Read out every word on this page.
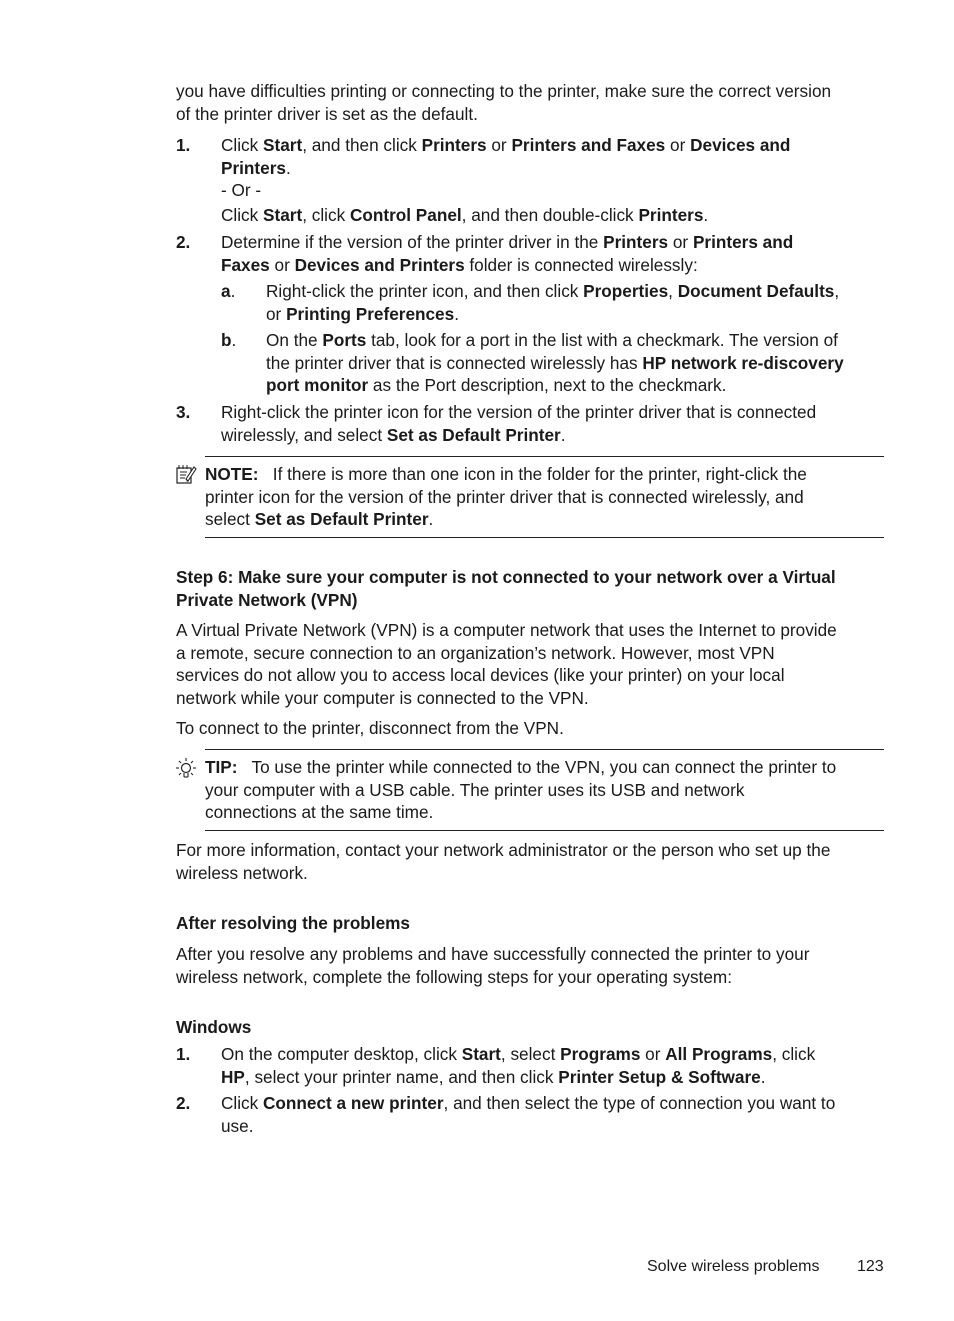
you have difficulties printing or connecting to the printer, make sure the correct version
of the printer driver is set as the default.

1. Click Start, and then click Printers or Printers and Faxes or Devices and
Printers.
- Or -
Click Start, click Control Panel, and then double-click Printers.

2. Determine if the version of the printer driver in the Printers or Printers and
Faxes or Devices and Printers folder is connected wirelessly:

a. Right-click the printer icon, and then click Properties, Document Defaults,
or Printing Preferences.

b. On the Ports tab, look for a port in the list with a checkmark. The version of
the printer driver that is connected wirelessly has HP network re-discovery
port monitor as the Port description, next to the checkmark.

3. Right-click the printer icon for the version of the printer driver that is connected
wirelessly, and select Set as Default Printer.

NOTE: If there is more than one icon in the folder for the printer, right-click the
printer icon for the version of the printer driver that is connected wirelessly, and
select Set as Default Printer.

Step 6: Make sure your computer is not connected to your network over a Virtual
Private Network (VPN)

A Virtual Private Network (VPN) is a computer network that uses the Internet to provide
a remote, secure connection to an organization’s network. However, most VPN
services do not allow you to access local devices (like your printer) on your local
network while your computer is connected to the VPN.

To connect to the printer, disconnect from the VPN.

TIP: To use the printer while connected to the VPN, you can connect the printer to
your computer with a USB cable. The printer uses its USB and network
connections at the same time.

For more information, contact your network administrator or the person who set up the
wireless network.

After resolving the problems

After you resolve any problems and have successfully connected the printer to your
wireless network, complete the following steps for your operating system:

Windows

1. On the computer desktop, click Start, select Programs or All Programs, click
HP, select your printer name, and then click Printer Setup & Software.

2. Click Connect a new printer, and then select the type of connection you want to
use.

Solve wireless problems 123
